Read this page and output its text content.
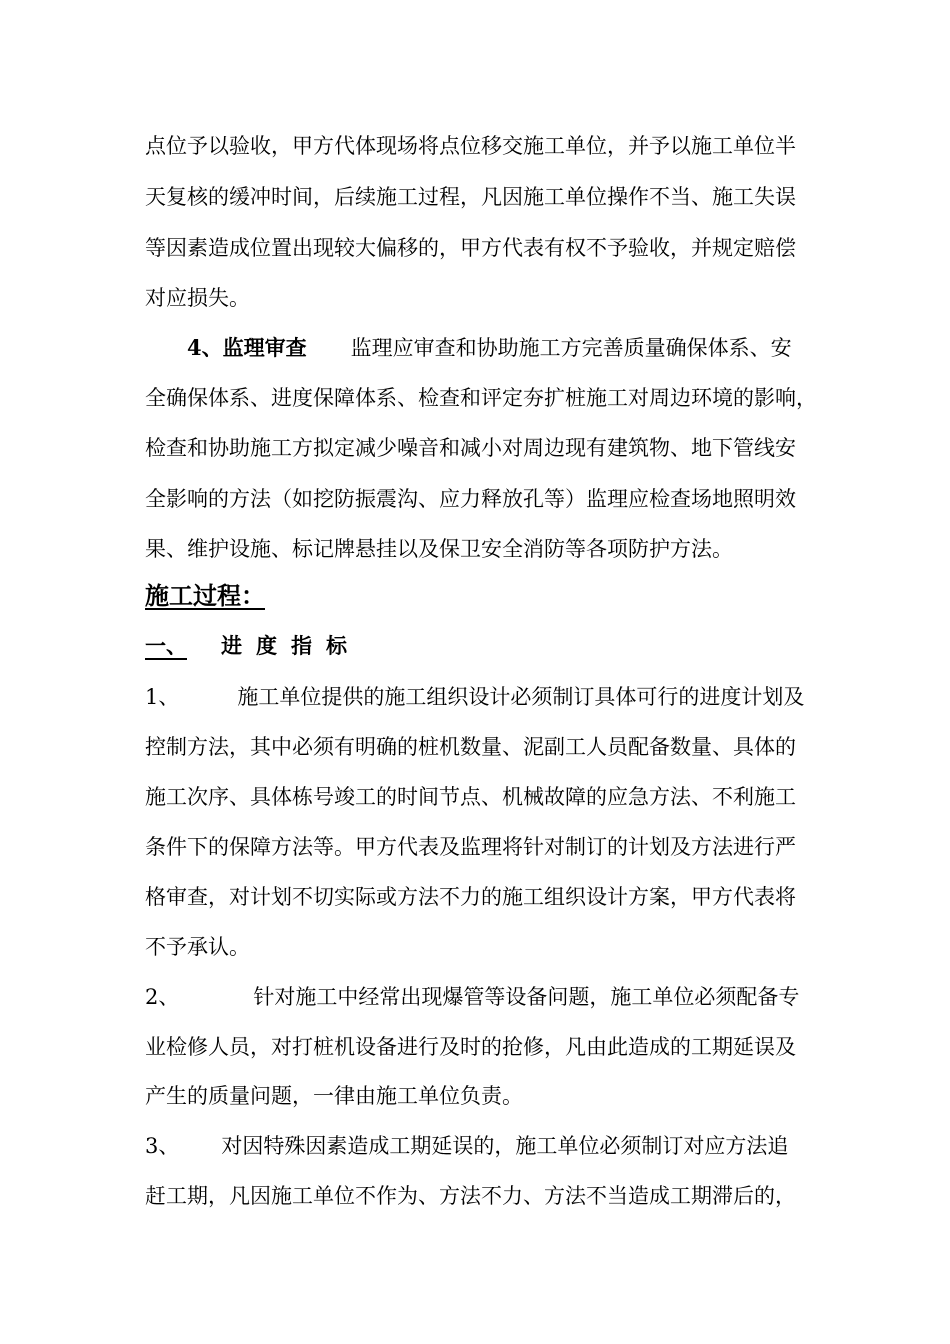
点位予以验收，甲方代体现场将点位移交施工单位，并予以施工单位半
天复核的缓冲时间，后续施工过程，凡因施工单位操作不当、施工失误
等因素造成位置出现较大偏移的，甲方代表有权不予验收，并规定赔偿
对应损失。
4、监理审查 监理应审查和协助施工方完善质量确保体系、安
全确保体系、进度保障体系、检查和评定夯扩桩施工对周边环境的影响，
检查和协助施工方拟定减少噪音和减小对周边现有建筑物、地下管线安
全影响的方法（如挖防振震沟、应力释放孔等）监理应检查场地照明效
果、维护设施、标记牌悬挂以及保卫安全消防等各项防护方法。
施工过程：
一、 进度指标
1、	施工单位提供的施工组织设计必须制订具体可行的进度计划及
控制方法，其中必须有明确的桩机数量、泥副工人员配备数量、具体的
施工次序、具体栋号竣工的时间节点、机械故障的应急方法、不利施工
条件下的保障方法等。甲方代表及监理将针对制订的计划及方法进行严
格审查，对计划不切实际或方法不力的施工组织设计方案，甲方代表将
不予承认。
2、	针对施工中经常出现爆管等设备问题，施工单位必须配备专
业检修人员，对打桩机设备进行及时的抢修，凡由此造成的工期延误及
产生的质量问题，一律由施工单位负责。
3、 对因特殊因素造成工期延误的，施工单位必须制订对应方法追
赶工期，凡因施工单位不作为、方法不力、方法不当造成工期滞后的，
